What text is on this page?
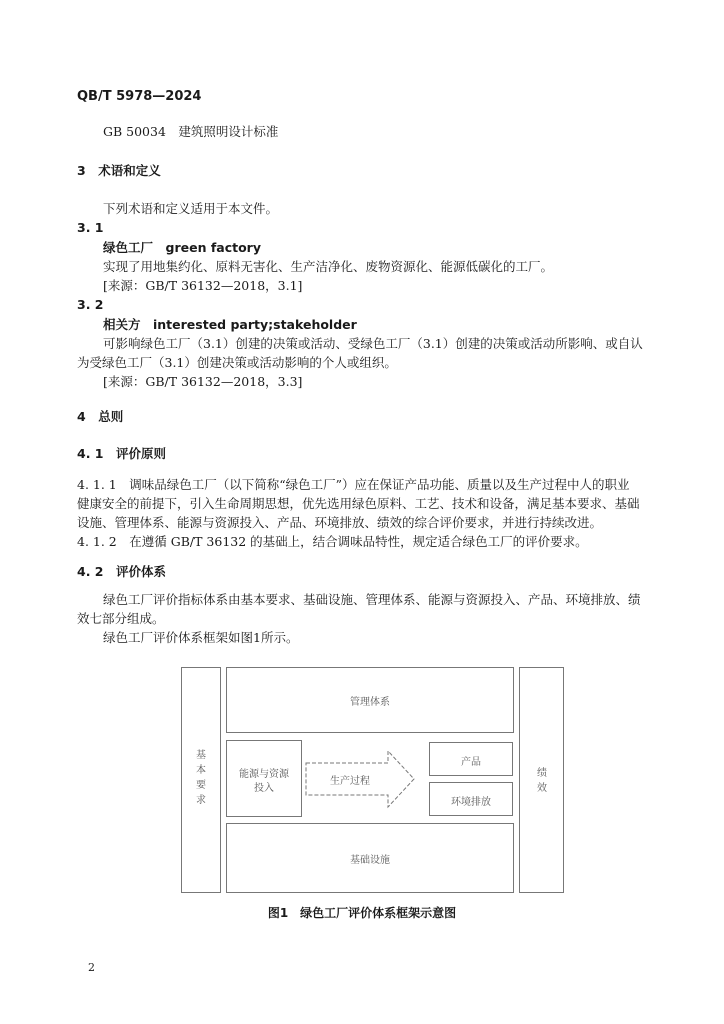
QB/T 5978—2024
GB 50034　建筑照明设计标准
3　术语和定义
下列术语和定义适用于本文件。
3. 1
绿色工厂　green factory
实现了用地集约化、原料无害化、生产洁净化、废物资源化、能源低碳化的工厂。
[来源：GB/T 36132—2018，3.1]
3. 2
相关方　interested party;stakeholder
可影响绿色工厂（3.1）创建的决策或活动、受绿色工厂（3.1）创建的决策或活动所影响、或自认
为受绿色工厂（3.1）创建决策或活动影响的个人或组织。
[来源：GB/T 36132—2018，3.3]
4　总则
4. 1　评价原则
4. 1. 1　调味品绿色工厂（以下简称“绿色工厂”）应在保证产品功能、质量以及生产过程中人的职业
健康安全的前提下，引入生命周期思想，优先选用绿色原料、工艺、技术和设备，满足基本要求、基础
设施、管理体系、能源与资源投入、产品、环境排放、绩效的综合评价要求，并进行持续改进。
4. 1. 2　在遵循 GB/T 36132 的基础上，结合调味品特性，规定适合绿色工厂的评价要求。
4. 2　评价体系
绿色工厂评价指标体系由基本要求、基础设施、管理体系、能源与资源投入、产品、环境排放、绩
效七部分组成。
绿色工厂评价体系框架如图1所示。
基本要求
管理体系
能源与资源
投入
生产过程
产品
环境排放
基础设施
绩效
图1　绿色工厂评价体系框架示意图
2
